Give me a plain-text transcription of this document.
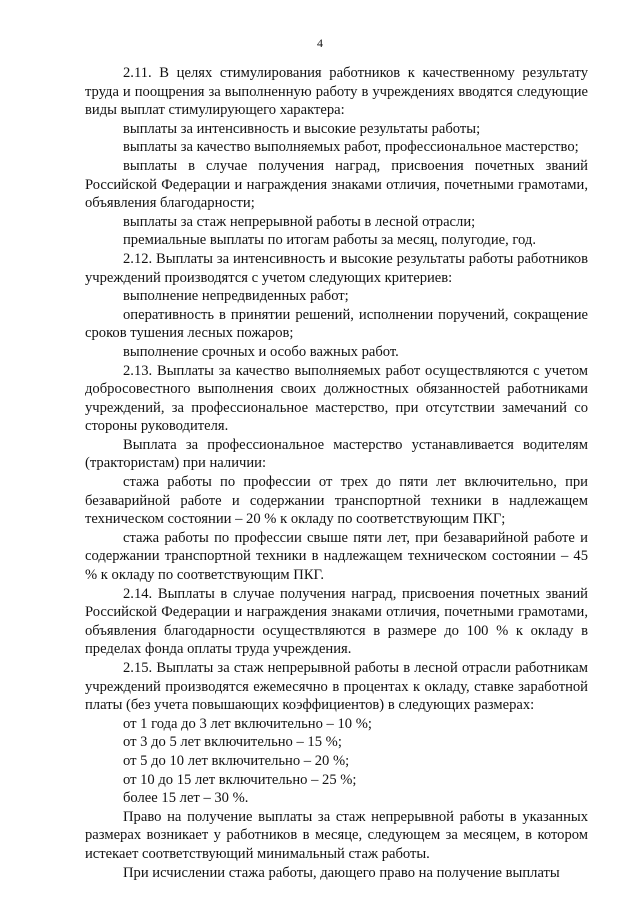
4

2.11. В целях стимулирования работников к качественному результату труда и поощрения за выполненную работу в учреждениях вводятся следующие виды выплат стимулирующего характера:

выплаты за интенсивность и высокие результаты работы;

выплаты за качество выполняемых работ, профессиональное мастерство;

выплаты в случае получения наград, присвоения почетных званий Российской Федерации и награждения знаками отличия, почетными грамотами, объявления благодарности;

выплаты за стаж непрерывной работы в лесной отрасли;

премиальные выплаты по итогам работы за месяц, полугодие, год.

2.12. Выплаты за интенсивность и высокие результаты работы работников учреждений производятся с учетом следующих критериев:

выполнение непредвиденных работ;

оперативность в принятии решений, исполнении поручений, сокращение сроков тушения лесных пожаров;

выполнение срочных и особо важных работ.

2.13. Выплаты за качество выполняемых работ осуществляются с учетом добросовестного выполнения своих должностных обязанностей работниками учреждений, за профессиональное мастерство, при отсутствии замечаний со стороны руководителя.

Выплата за профессиональное мастерство устанавливается водителям (трактористам) при наличии:

стажа работы по профессии от трех до пяти лет включительно, при безаварийной работе и содержании транспортной техники в надлежащем техническом состоянии – 20 % к окладу по соответствующим ПКГ;

стажа работы по профессии свыше пяти лет, при безаварийной работе и содержании транспортной техники в надлежащем техническом состоянии – 45 % к окладу по соответствующим ПКГ.

2.14. Выплаты в случае получения наград, присвоения почетных званий Российской Федерации и награждения знаками отличия, почетными грамотами, объявления благодарности осуществляются в размере до 100 % к окладу в пределах фонда оплаты труда учреждения.

2.15. Выплаты за стаж непрерывной работы в лесной отрасли работникам учреждений производятся ежемесячно в процентах к окладу, ставке заработной платы (без учета повышающих коэффициентов) в следующих размерах:

от 1 года до 3 лет включительно – 10 %;

от 3 до 5 лет включительно – 15 %;

от 5 до 10 лет включительно – 20 %;

от 10 до 15 лет включительно – 25 %;

более 15 лет – 30 %.

Право на получение выплаты за стаж непрерывной работы в указанных размерах возникает у работников в месяце, следующем за месяцем, в котором истекает соответствующий минимальный стаж работы.

При исчислении стажа работы, дающего право на получение выплаты
